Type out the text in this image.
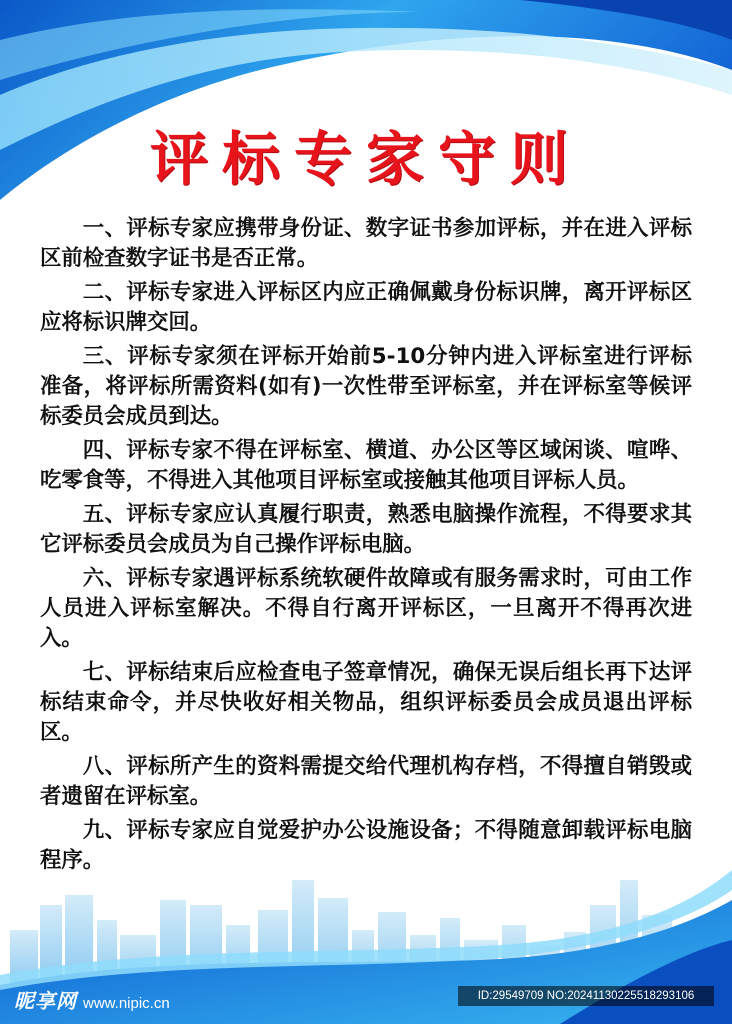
评标专家守则

一、评标专家应携带身份证、数字证书参加评标，并在进入评标区前检查数字证书是否正常。

二、评标专家进入评标区内应正确佩戴身份标识牌，离开评标区应将标识牌交回。

三、评标专家须在评标开始前5-10分钟内进入评标室进行评标准备，将评标所需资料(如有)一次性带至评标室，并在评标室等候评标委员会成员到达。

四、评标专家不得在评标室、横道、办公区等区域闲谈、喧哗、吃零食等，不得进入其他项目评标室或接触其他项目评标人员。

五、评标专家应认真履行职责，熟悉电脑操作流程，不得要求其它评标委员会成员为自己操作评标电脑。

六、评标专家遇评标系统软硬件故障或有服务需求时，可由工作人员进入评标室解决。不得自行离开评标区，一旦离开不得再次进入。

七、评标结束后应检查电子签章情况，确保无误后组长再下达评标结束命令，并尽快收好相关物品，组织评标委员会成员退出评标区。

八、评标所产生的资料需提交给代理机构存档，不得擅自销毁或者遗留在评标室。

九、评标专家应自觉爱护办公设施设备；不得随意卸载评标电脑程序。

昵享网 www.nipic.cn	ID:29549709 NO:20241130225518293106
